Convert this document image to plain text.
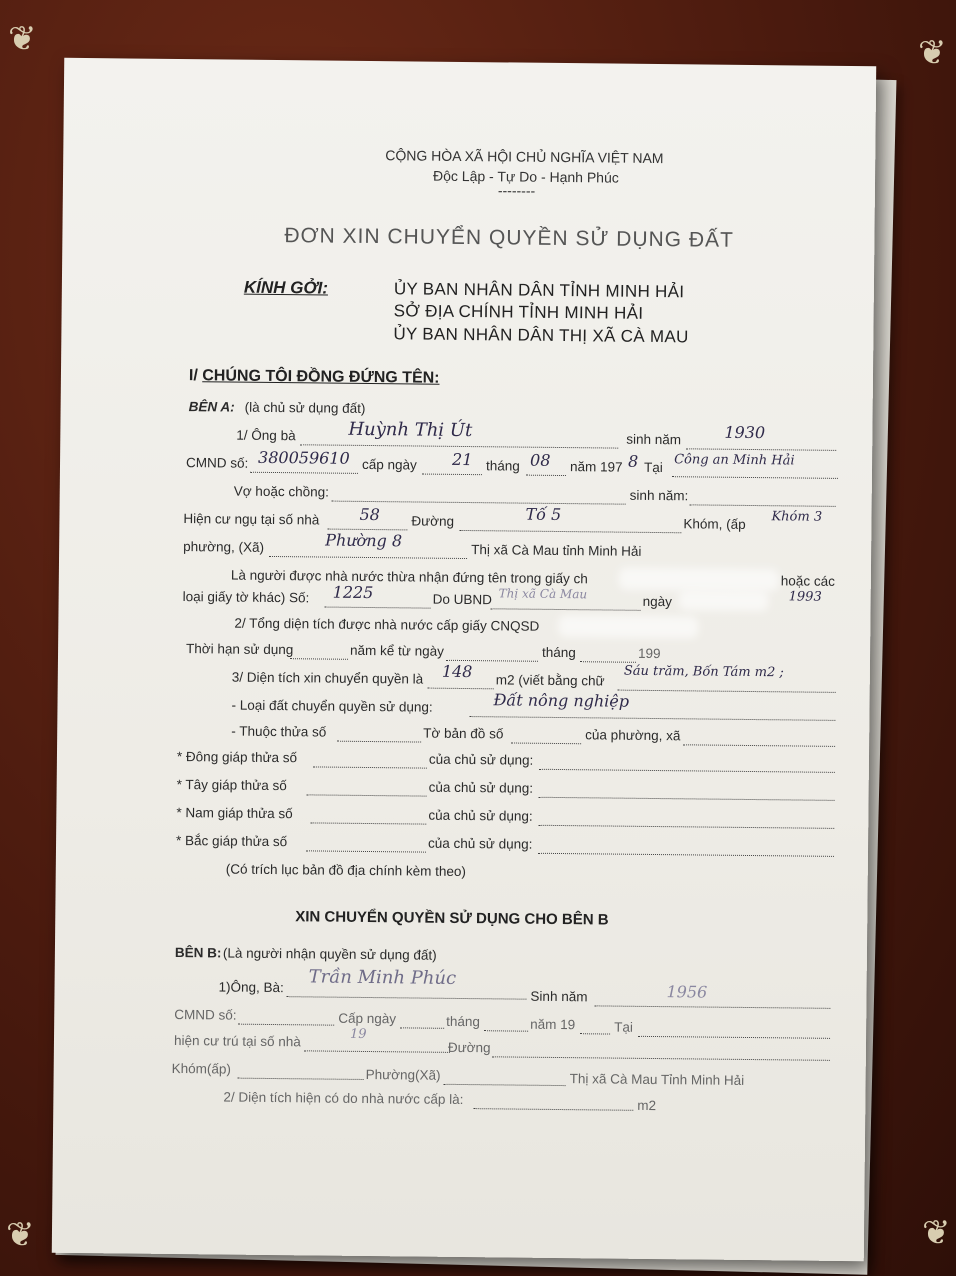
❦	❦
❦	❦
CỘNG HÒA XÃ HỘI CHỦ NGHĨA VIỆT NAM
Độc Lập - Tự Do - Hạnh Phúc
--------
ĐƠN XIN CHUYỂN QUYỀN SỬ DỤNG ĐẤT
KÍNH GỞI:	ỦY BAN NHÂN DÂN TỈNH MINH HẢI
SỞ ĐỊA CHÍNH TỈNH MINH HẢI
ỦY BAN NHÂN DÂN THỊ XÃ CÀ MAU
I/ CHÚNG TÔI ĐỒNG ĐỨNG TÊN:
BÊN A: (là chủ sử dụng đất)
1/ Ông bà	Huỳnh Thị Út	sinh năm	1930
CMND số: 380059610 cấp ngày 21 tháng 08 năm 197 8 Tại Công an Minh Hải
Vợ hoặc chồng:	sinh năm:
Hiện cư ngụ tại số nhà	58 Đường	Tố 5
Khóm, (ấp Khóm 3
phường, (Xã)	Phường 8
Thị xã Cà Mau tỉnh Minh Hải
Là người được nhà nước thừa nhận đứng tên trong giấy ch	hoặc các
loại giấy tờ khác) Số: 1225	Do UBND Thị xã Cà Mau
ngày	1993
2/ Tổng diện tích được nhà nước cấp giấy CNQSD
Thời hạn sử dụng	năm kể từ ngày	tháng	199
3/ Diện tích xin chuyển quyền là 148 m2 (viết bằng chữ
Sáu trăm, Bốn Tám m2 ;
- Loại đất chuyển quyền sử dụng:	Đất nông nghiệp
- Thuộc thửa số	Tờ bản đồ số	của phường, xã
* Đông giáp thửa số	của chủ sử dụng:
* Tây giáp thửa số	của chủ sử dụng:
* Nam giáp thửa số	của chủ sử dụng:
* Bắc giáp thửa số	của chủ sử dụng:
(Có trích lục bản đồ địa chính kèm theo)
XIN CHUYỂN QUYỀN SỬ DỤNG CHO BÊN B
BÊN B: (Là người nhận quyền sử dụng đất)
1)Ông, Bà: Trần Minh Phúc
Sinh năm	1956
CMND số:	Cấp ngày	tháng	năm 19	Tại
hiện cư trú tại số nhà	19
Đường
Khóm(ấp)	Phường(Xã)	Thị xã Cà Mau Tỉnh Minh Hải
2/ Diện tích hiện có do nhà nước cấp là:	m2
